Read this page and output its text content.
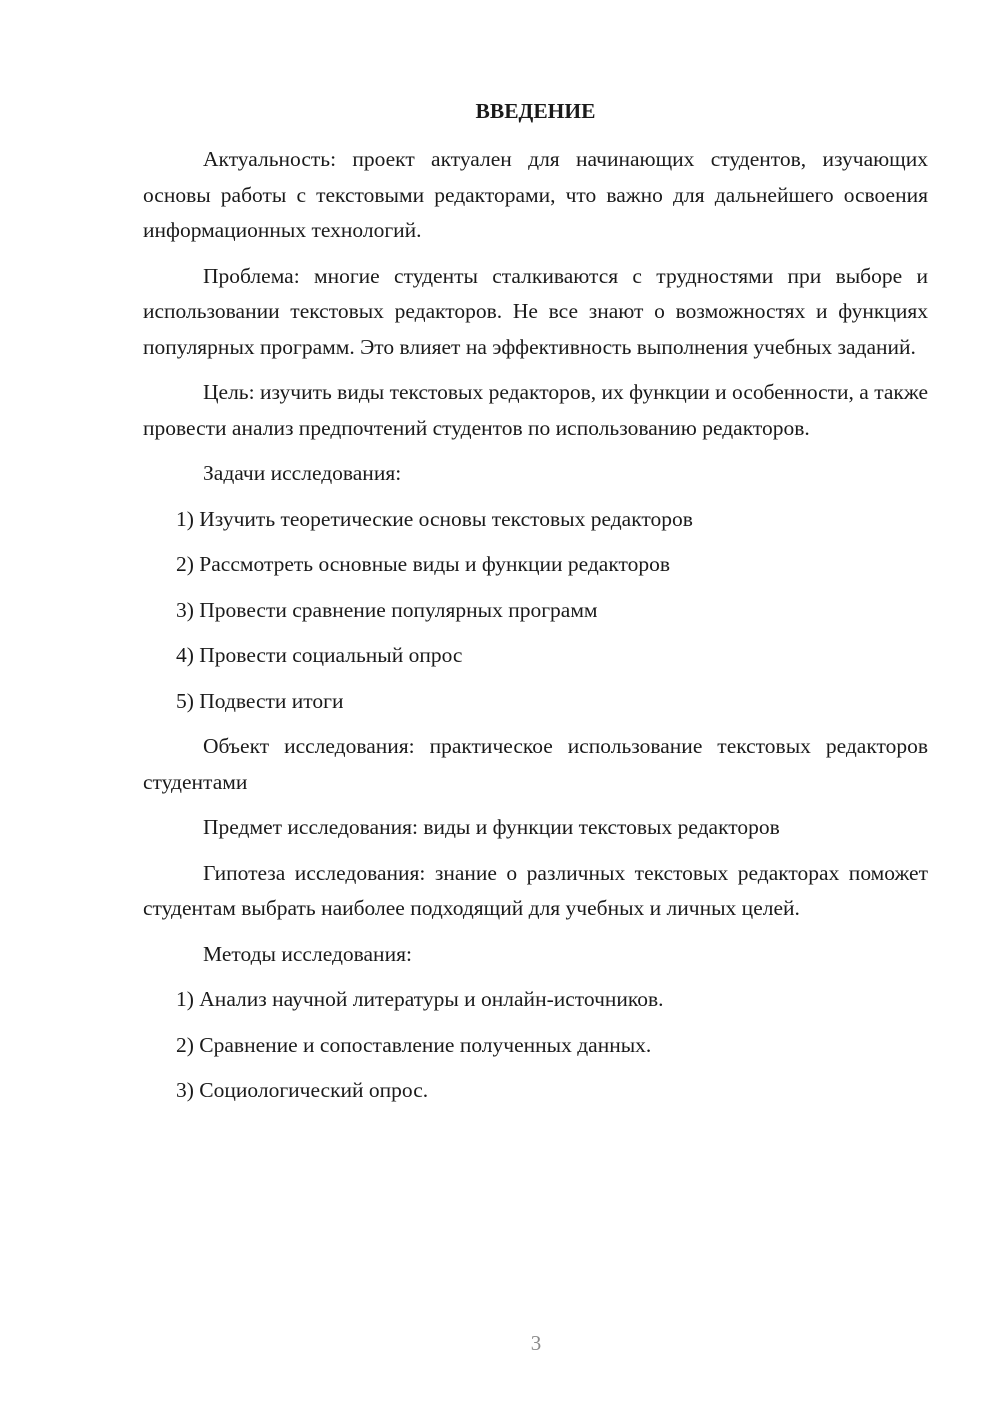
ВВЕДЕНИЕ

Актуальность: проект актуален для начинающих студентов, изучающих основы работы с текстовыми редакторами, что важно для дальнейшего освоения информационных технологий.

Проблема: многие студенты сталкиваются с трудностями при выборе и использовании текстовых редакторов. Не все знают о возможностях и функциях популярных программ. Это влияет на эффективность выполнения учебных заданий.

Цель: изучить виды текстовых редакторов, их функции и особенности, а также провести анализ предпочтений студентов по использованию редакторов.

Задачи исследования:

1) Изучить теоретические основы текстовых редакторов
2) Рассмотреть основные виды и функции редакторов
3) Провести сравнение популярных программ
4) Провести социальный опрос
5) Подвести итоги

Объект исследования: практическое использование текстовых редакторов студентами

Предмет исследования: виды и функции текстовых редакторов

Гипотеза исследования: знание о различных текстовых редакторах поможет студентам выбрать наиболее подходящий для учебных и личных целей.

Методы исследования:

1) Анализ научной литературы и онлайн-источников.
2) Сравнение и сопоставление полученных данных.
3) Социологический опрос.
3
